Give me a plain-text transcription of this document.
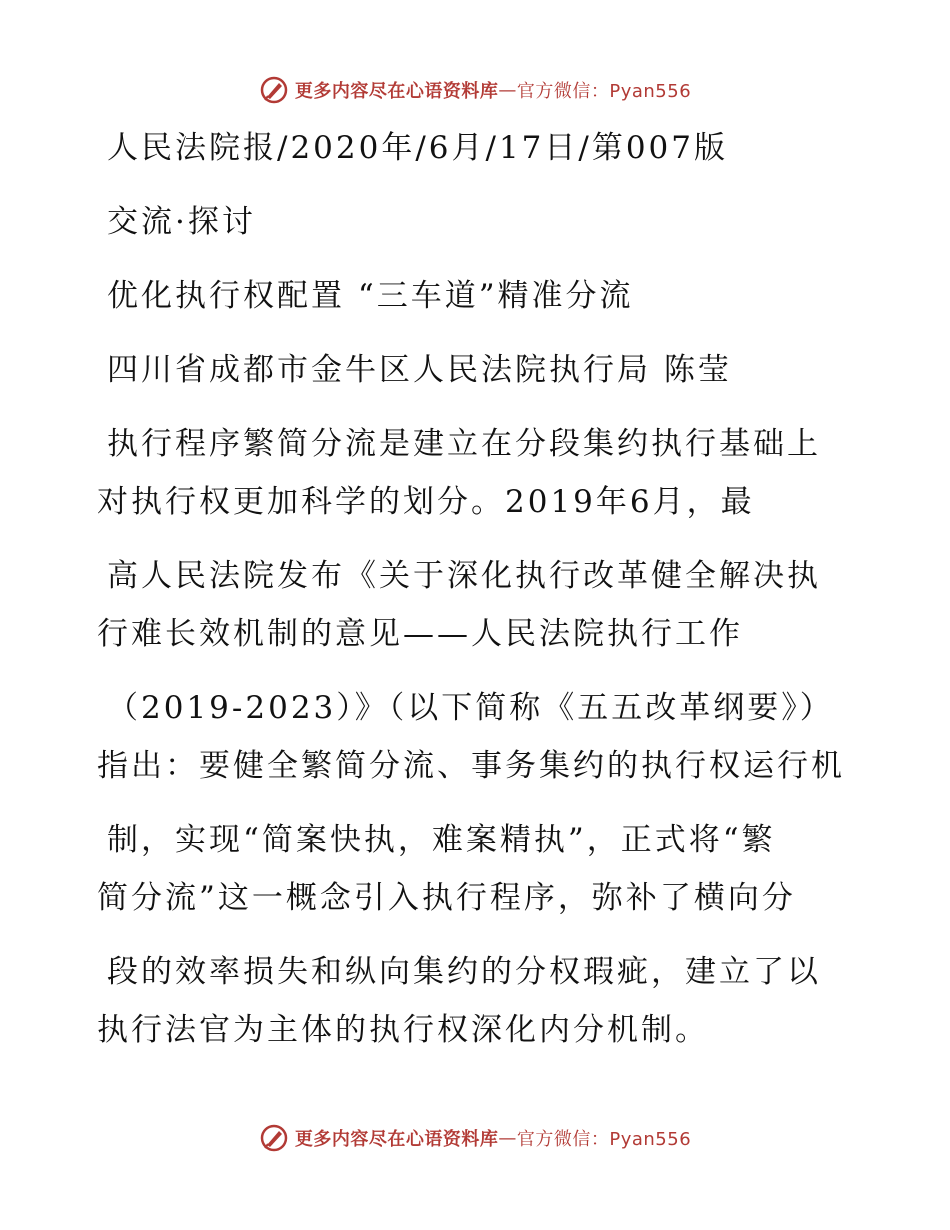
更多内容尽在心语资料库 — 官方微信：Pyan556
人民法院报/2020年/6月/17日/第007版
交流·探讨
优化执行权配置 “三车道”精准分流
四川省成都市金牛区人民法院执行局 陈莹
执行程序繁简分流是建立在分段集约执行基础上
对执行权更加科学的划分。2019年6月，最
高人民法院发布《关于深化执行改革健全解决执
行难长效机制的意见——人民法院执行工作
（2019-2023）》（以下简称《五五改革纲要》）
指出：要健全繁简分流、事务集约的执行权运行机
制，实现“简案快执，难案精执”，正式将“繁
简分流”这一概念引入执行程序，弥补了横向分
段的效率损失和纵向集约的分权瑕疵，建立了以
执行法官为主体的执行权深化内分机制。
更多内容尽在心语资料库 — 官方微信：Pyan556
